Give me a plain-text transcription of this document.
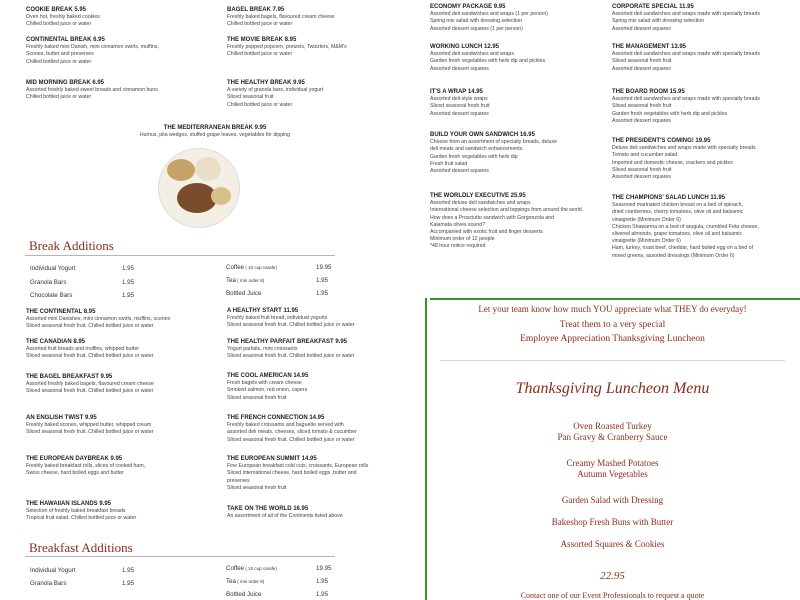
THE MEDITERRANEAN BREAK 9.95
Humus, pita wedges, stuffed grape leaves, vegetables for dipping
Break Additions
Breakfast Additions
Let your team know how much YOU appreciate what THEY do everyday!
Treat them to a very special
Employee Appreciation Thanksgiving Luncheon
Thanksgiving Luncheon Menu
Oven Roasted Turkey
Pan Gravy & Cranberry Sauce
Creamy Mashed Potatoes
Autumn Vegetables
Garden Salad with Dressing
Bakeshop Fresh Buns with Butter
Assorted Squares & Cookies
22.95
Contact one of our Event Professionals to request a quote
COOKIE BREAK 5.95
Oven hot, freshly baked cookies
Chilled bottled juice or water
CONTINENTAL BREAK 6.95
Freshly baked mini Danish, mini cinnamon swirls, muffins,
Scones, butter and preserves
Chilled bottled juice or water
MID MORNING BREAK 6.95
Assorted freshly baked sweet breads and cinnamon buns
Chilled bottled juice or water
BAGEL BREAK 7.95
Freshly baked bagels, flavoured cream cheese
Chilled bottled juice or water
THE MOVIE BREAK 8.95
Freshly popped popcorn, pretzels, Twizzlers, M&M's
Chilled bottled juice or water
THE HEALTHY BREAK 9.95
A variety of granola bars, individual yogurt
Sliced seasonal fruit
Chilled bottled juice or water
THE CONTINENTAL 8.95
Assorted mini Danishes, mini cinnamon swirls, muffins, scones
Sliced seasonal fresh fruit. Chilled bottled juice or water
THE CANADIAN 8.95
Assorted fruit breads and muffins, whipped butter
Sliced seasonal fresh fruit. Chilled bottled juice or water
THE BAGEL BREAKFAST 9.95
Assorted freshly baked bagels, flavoured cream cheese
Sliced seasonal fresh fruit. Chilled bottled juice or water
AN ENGLISH TWIST 9.95
Freshly baked scones, whipped butter, whipped cream
Sliced seasonal fresh fruit. Chilled bottled juice or water
THE EUROPEAN DAYBREAK 9.95
Freshly baked breakfast rolls, slices of cooked ham,
Swiss cheese, hard boiled eggs and butter
THE HAWAIIAN ISLANDS 9.95
Selection of freshly baked breakfast breads
Tropical fruit salad. Chilled bottled juice or water
A HEALTHY START 11.95
Freshly baked fruit bread, individual yogurts
Sliced seasonal fresh fruit. Chilled bottled juice or water
THE HEALTHY PARFAIT BREAKFAST 9.95
Yogurt parfaits, mini croissants
Sliced seasonal fresh fruit. Chilled bottled juice or water
THE COOL AMERICAN 14.95
Fresh bagels with cream cheese
Smoked salmon, red onion, capers
Sliced seasonal fresh fruit
THE FRENCH CONNECTION 14.95
Freshly baked croissants and baguette served with
assorted deli meats, cheeses, sliced tomato & cucumber
Sliced seasonal fresh fruit. Chilled bottled juice or water
THE EUROPEAN SUMMIT 14.95
Fine European breakfast cold cuts, croissants, European rolls
Sliced international cheese, hard boiled eggs ,butter and
preserves
Sliced seasonal fresh fruit
TAKE ON THE WORLD 16.95
An assortment of all of the Continents listed above
ECONOMY PACKAGE 9.95
Assorted deli sandwiches and wraps (1 per person)
Spring mix salad with dressing selection
Assorted dessert squares (1 per person)
WORKING LUNCH 12.95
Assorted deli sandwiches and wraps
Garden fresh vegetables with herb dip and pickles
Assorted dessert squares
IT'S A WRAP 14.95
Assorted deli-style wraps
Sliced seasonal fresh fruit
Assorted dessert squares
BUILD YOUR OWN SANDWICH 16.95
Choose from an assortment of specialty breads, deluxe
deli meats and sandwich enhancements.
Garden fresh vegetables with herb dip
Fresh fruit salad
Assorted dessert squares
THE WORLDLY EXECUTIVE 25.95
Assorted deluxe deli sandwiches and wraps
International cheese selection and toppings from around the world.
How does a Prosciutto sandwich with Gorgonzola and
Kalamata olives sound?
Accompanied with exotic fruit and finger desserts
Minimum order of 12 people
*48 hour notice required
CORPORATE SPECIAL 11.95
Assorted deli sandwiches and wraps made with specialty breads
Spring mix salad with dressing selection
Assorted dessert squares
THE MANAGEMENT 13.95
Assorted deli sandwiches and wraps made with specialty breads
Sliced seasonal fresh fruit
Assorted dessert squares
THE BOARD ROOM 15.95
Assorted deli sandwiches and wraps made with specialty breads
Sliced seasonal fresh fruit
Garden fresh vegetables with herb dip and pickles
Assorted dessert squares
THE PRESIDENT'S COMING! 19.95
Deluxe deli sandwiches and wraps made with specialty breads
Tomato and cucumber salad
Imported and domestic cheese, crackers and pickles
Sliced seasonal fresh fruit
Assorted dessert squares
THE CHAMPIONS' SALAD LUNCH 11.95
Seasoned marinated chicken breast on a bed of spinach,
dried cranberries, cherry tomatoes, olive oil and balsamic
vinaigrette (Minimum Order 6)
Chicken Shawarma on a bed of arugula, crumbled Feta cheese,
slivered almonds, grape tomatoes, olive oil and balsamic
vinaigrette (Minimum Order 6)
Ham, turkey, roast beef, cheddar, hard boiled egg on a bed of
mixed greens, assorted dressings (Minimum Order 6)
Individual Yogurt	1.95
Granola Bars	1.95
Chocolate Bars	1.95
Coffee ( 10 cup carafe)	19.95
Tea ( min order 8)	1.95
Bottled Juice	1.95
Individual Yogurt	1.95
Granola Bars	1.95
Coffee ( 10 cup carafe)	19.95
Tea ( min order 8)	1.95
Bottled Juice	1.95
